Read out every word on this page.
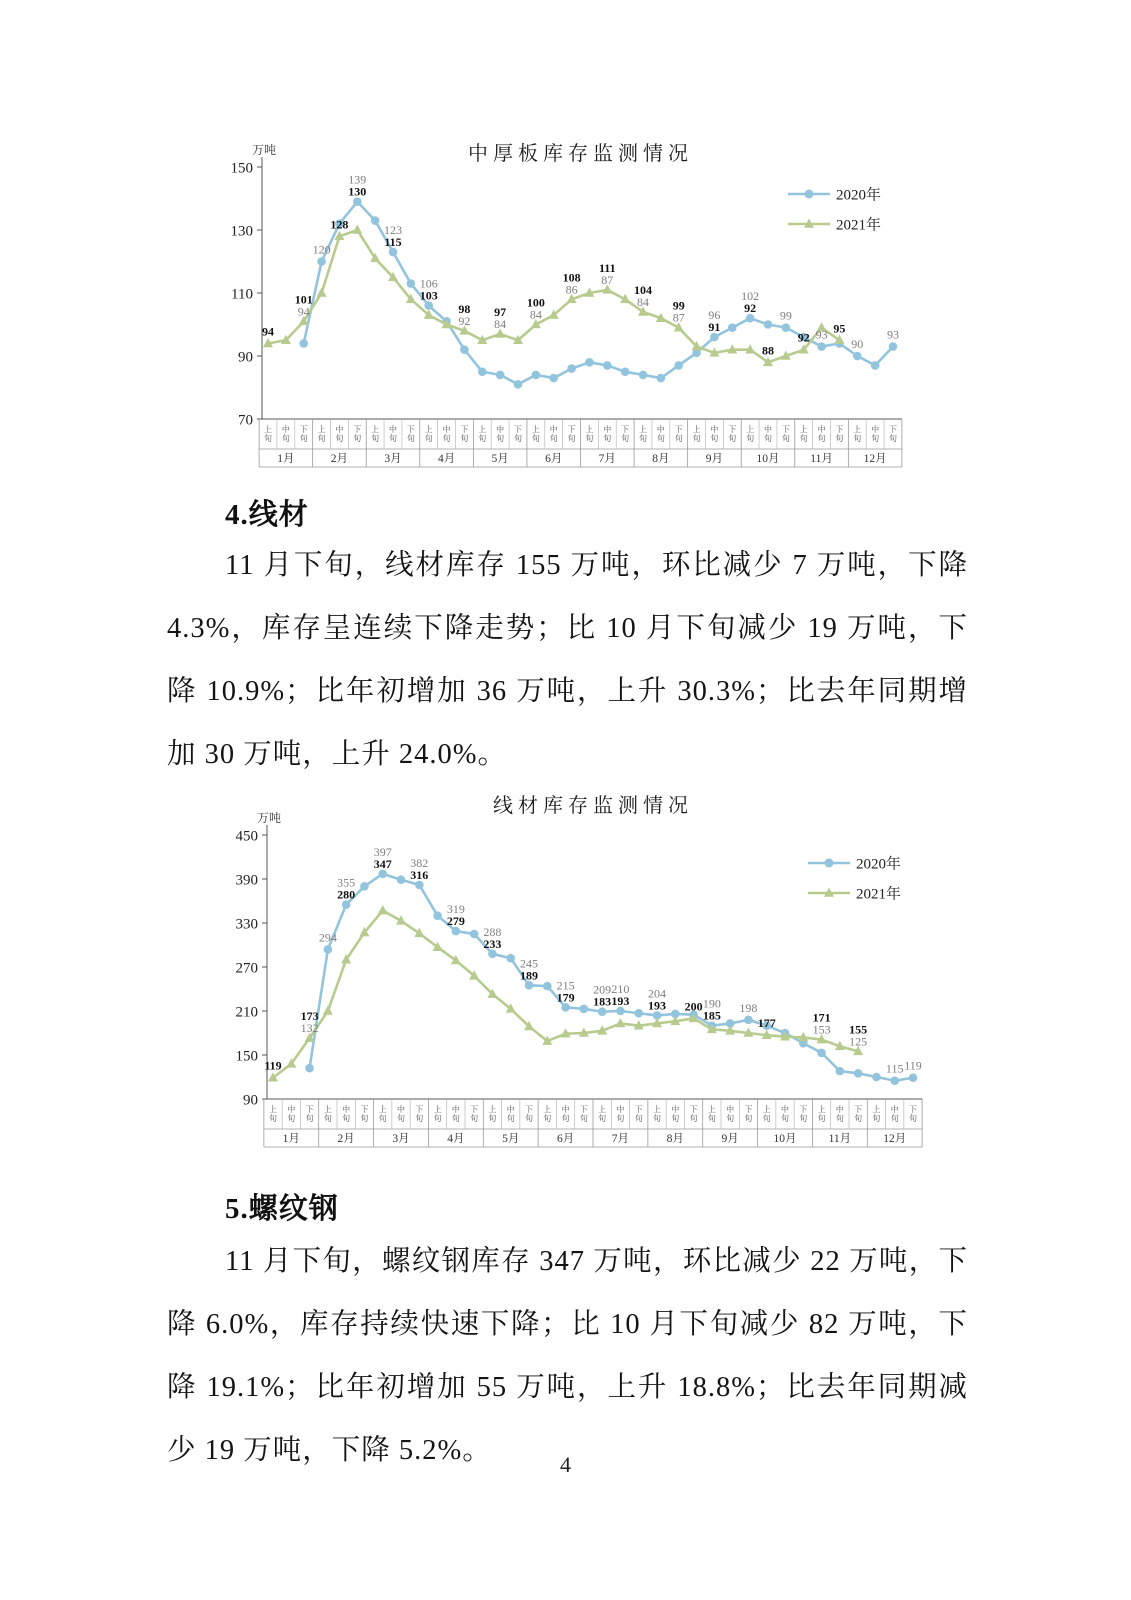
中厚板库存监测情况
万吨
70
90
110
130
150
上旬
中旬
下旬
上旬
中旬
下旬
上旬
中旬
下旬
上旬
中旬
下旬
上旬
中旬
下旬
上旬
中旬
下旬
上旬
中旬
下旬
上旬
中旬
下旬
上旬
中旬
下旬
上旬
中旬
下旬
上旬
中旬
下旬
上旬
中旬
下旬
1月	2月	3月	4月	5月	6月	7月	8月	9月	10月	11月	12月
94
101
94
120
128
139
130
123
115
106
103
98
92
97
84
100
84
108
86
111
87
104
84 99
87 96
91
102
92
88
99
92 93 95
90
93
2020年
2021年
4.线材

11 月下旬，线材库存 155 万吨，环比减少 7 万吨，下降 4.3%，库存呈连续下降走势；比 10 月下旬减少 19 万吨，下降 10.9%；比年初增加 36 万吨，上升 30.3%；比去年同期增加 30 万吨，上升 24.0%。

线材库存监测情况
万吨
90
150
210
270
330
390
450
上旬
中旬
下旬
上旬
中旬
下旬
上旬
中旬
下旬
上旬
中旬
下旬
上旬
中旬
下旬
上旬
中旬
下旬
上旬
中旬
下旬
上旬
中旬
下旬
上旬
中旬
下旬
上旬
中旬
下旬
上旬
中旬
下旬
上旬
中旬
下旬
1月	2月	3月	4月	5月	6月	7月	8月	9月	10月	11月	12月
119
173
132
294
355
280
397
347 382
316
319
279
288
233
245
189
215
179
209
183
210
193
204
193 200 190
185
198
177	171
153 155
125
115 119
2020年
2021年
5.螺纹钢

11 月下旬，螺纹钢库存 347 万吨，环比减少 22 万吨，下降 6.0%，库存持续快速下降；比 10 月下旬减少 82 万吨，下降 19.1%；比年初增加 55 万吨，上升 18.8%；比去年同期减少 19 万吨，下降 5.2%。	4
